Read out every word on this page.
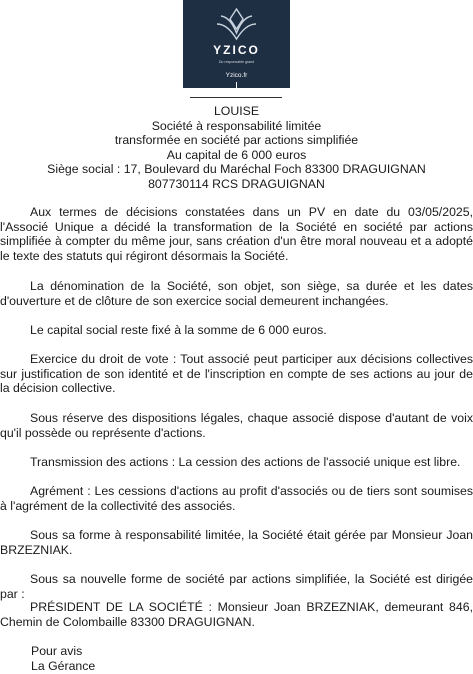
YZICO
Du responsable grand
Yzico.fr
LOUISE
Société à responsabilité limitée
transformée en société par actions simplifiée
Au capital de 6 000 euros
Siège social : 17, Boulevard du Maréchal Foch 83300 DRAGUIGNAN
807730114 RCS DRAGUIGNAN

Aux termes de décisions constatées dans un PV en date du 03/05/2025, l'Associé Unique a décidé la transformation de la Société en société par actions simplifiée à compter du même jour, sans création d'un être moral nouveau et a adopté le texte des statuts qui régiront désormais la Société.

La dénomination de la Société, son objet, son siège, sa durée et les dates d'ouverture et de clôture de son exercice social demeurent inchangées.

Le capital social reste fixé à la somme de 6 000 euros.

Exercice du droit de vote : Tout associé peut participer aux décisions collectives sur justification de son identité et de l'inscription en compte de ses actions au jour de la décision collective.

Sous réserve des dispositions légales, chaque associé dispose d'autant de voix qu'il possède ou représente d'actions.

Transmission des actions : La cession des actions de l'associé unique est libre.

Agrément : Les cessions d'actions au profit d'associés ou de tiers sont soumises à l'agrément de la collectivité des associés.

Sous sa forme à responsabilité limitée, la Société était gérée par Monsieur Joan BRZEZNIAK.

Sous sa nouvelle forme de société par actions simplifiée, la Société est dirigée par :

PRÉSIDENT DE LA SOCIÉTÉ : Monsieur Joan BRZEZNIAK, demeurant 846, Chemin de Colombaille 83300 DRAGUIGNAN.

Pour avis
La Gérance
